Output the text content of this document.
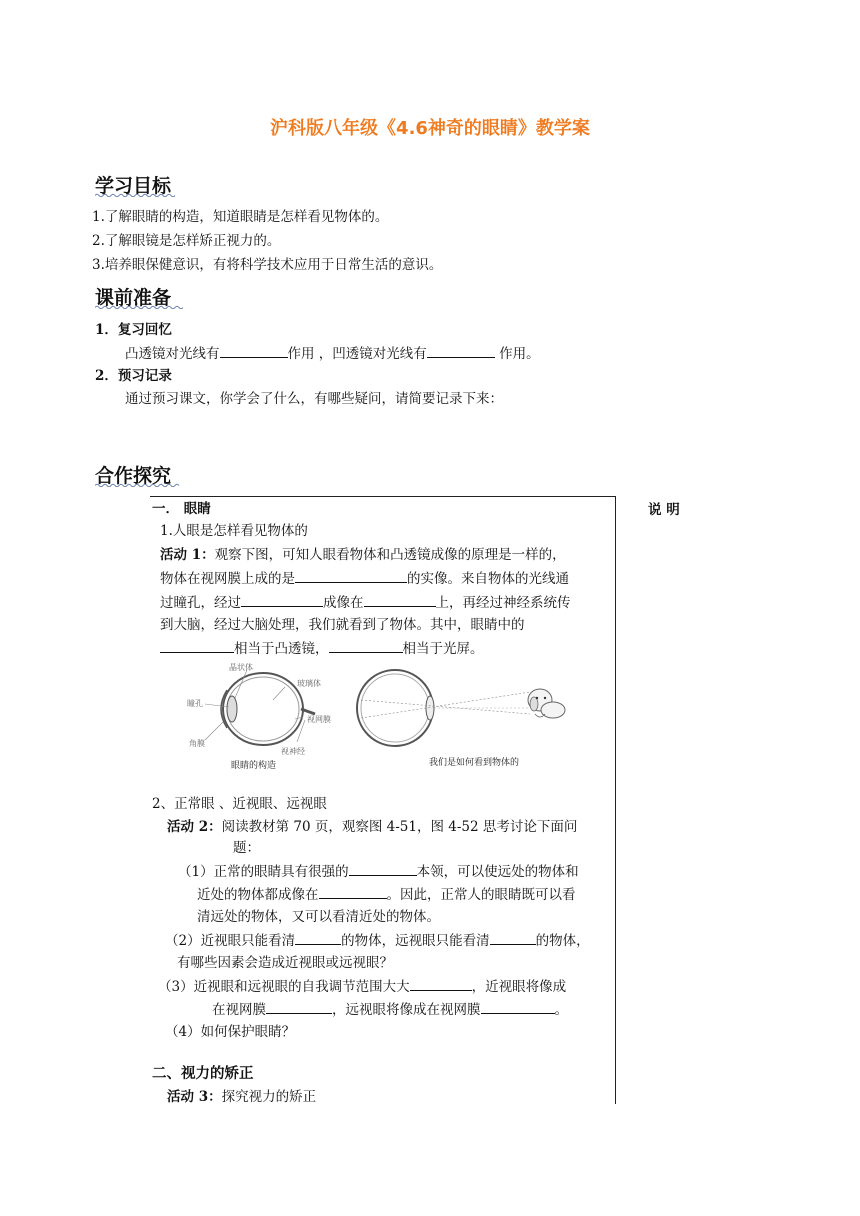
沪科版八年级《4.6神奇的眼睛》教学案
学习目标
1.了解眼睛的构造，知道眼睛是怎样看见物体的。
2.了解眼镜是怎样矫正视力的。
3.培养眼保健意识，有将科学技术应用于日常生活的意识。
课前准备
1．复习回忆
凸透镜对光线有	作用 ，凹透镜对光线有	作用。
2．预习记录
通过预习课文，你学会了什么，有哪些疑问，请简要记录下来：
合作探究
说 明
一． 眼睛
1.人眼是怎样看见物体的
活动 1：观察下图，可知人眼看物体和凸透镜成像的原理是一样的，
物体在视网膜上成的是	的实像。来自物体的光线通
过瞳孔，经过	成像在	上，再经过神经系统传
到大脑，经过大脑处理，我们就看到了物体。其中，眼睛中的
相当于凸透镜，	相当于光屏。
晶状体
瞳孔
玻璃体
视网膜
角膜
视神经
眼睛的构造	我们是如何看到物体的
2、正常眼 、近视眼、远视眼
活动 2：阅读教材第 70 页，观察图 4-51，图 4-52 思考讨论下面问
题：
（1）正常的眼睛具有很强的	本领，可以使远处的物体和
近处的物体都成像在	。因此，正常人的眼睛既可以看
清远处的物体，又可以看清近处的物体。
（2）近视眼只能看清	的物体，远视眼只能看清	的物体，
有哪些因素会造成近视眼或远视眼？
（3）近视眼和远视眼的自我调节范围大大	，近视眼将像成
在视网膜	，远视眼将像成在视网膜	。
（4）如何保护眼睛？
二、视力的矫正
活动 3：探究视力的矫正
